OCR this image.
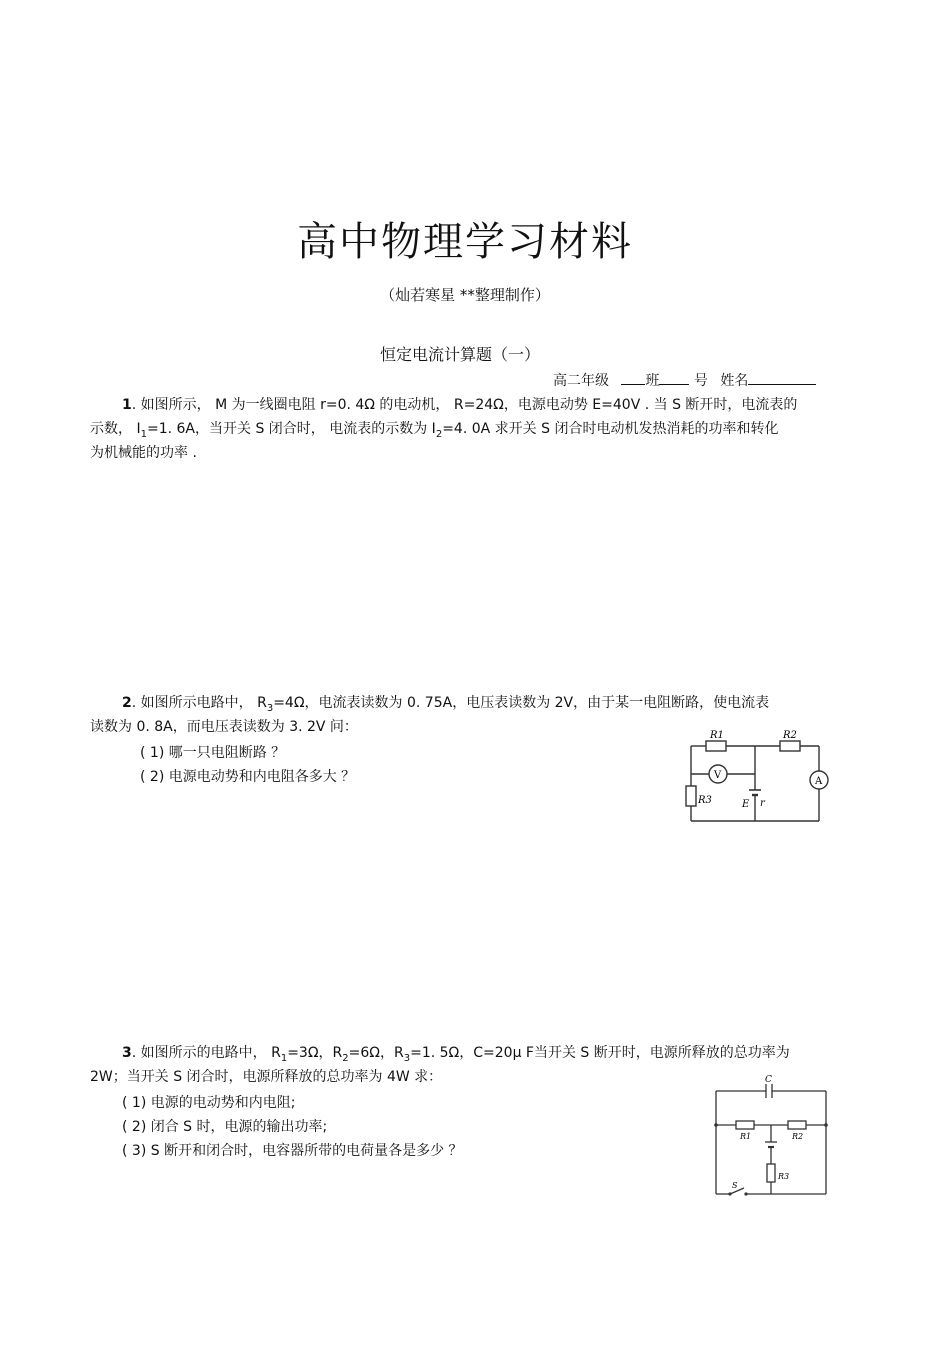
高中物理学习材料
（灿若寒星 **整理制作）
恒定电流计算题（一）
高二年级	班 号 姓名
1. 如图所示， M 为一线圈电阻 r=0. 4Ω 的电动机， R=24Ω，电源电动势 E=40V . 当 S 断开时，电流表的
示数， $I_1=1$. 6A，当开关 S 闭合时， 电流表的示数为 $I_2=4$. 0A 求开关 S 闭合时电动机发热消耗的功率和转化
为机械能的功率 .
2. 如图所示电路中， $R_3=4\Omega$，电流表读数为 0. 75A，电压表读数为 2V，由于某一电阻断路，使电流表
读数为 0. 8A，而电压表读数为 3. 2V 问：
( 1) 哪一只电阻断路 ？
( 2) 电源电动势和内电阻各多大 ？
R1	R2
R3
V
A
E r
3. 如图所示的电路中， $R_1=3\Omega$，$R_2=6\Omega$，$R_3=1$. 5Ω，C=20μ F当开关 S 断开时，电源所释放的总功率为
2W；当开关 S 闭合时，电源所释放的总功率为 4W 求：
( 1) 电源的电动势和内电阻;
( 2) 闭合 S 时，电源的输出功率;
( 3) S 断开和闭合时，电容器所带的电荷量各是多少 ？
C
R1	R2
R3
S
